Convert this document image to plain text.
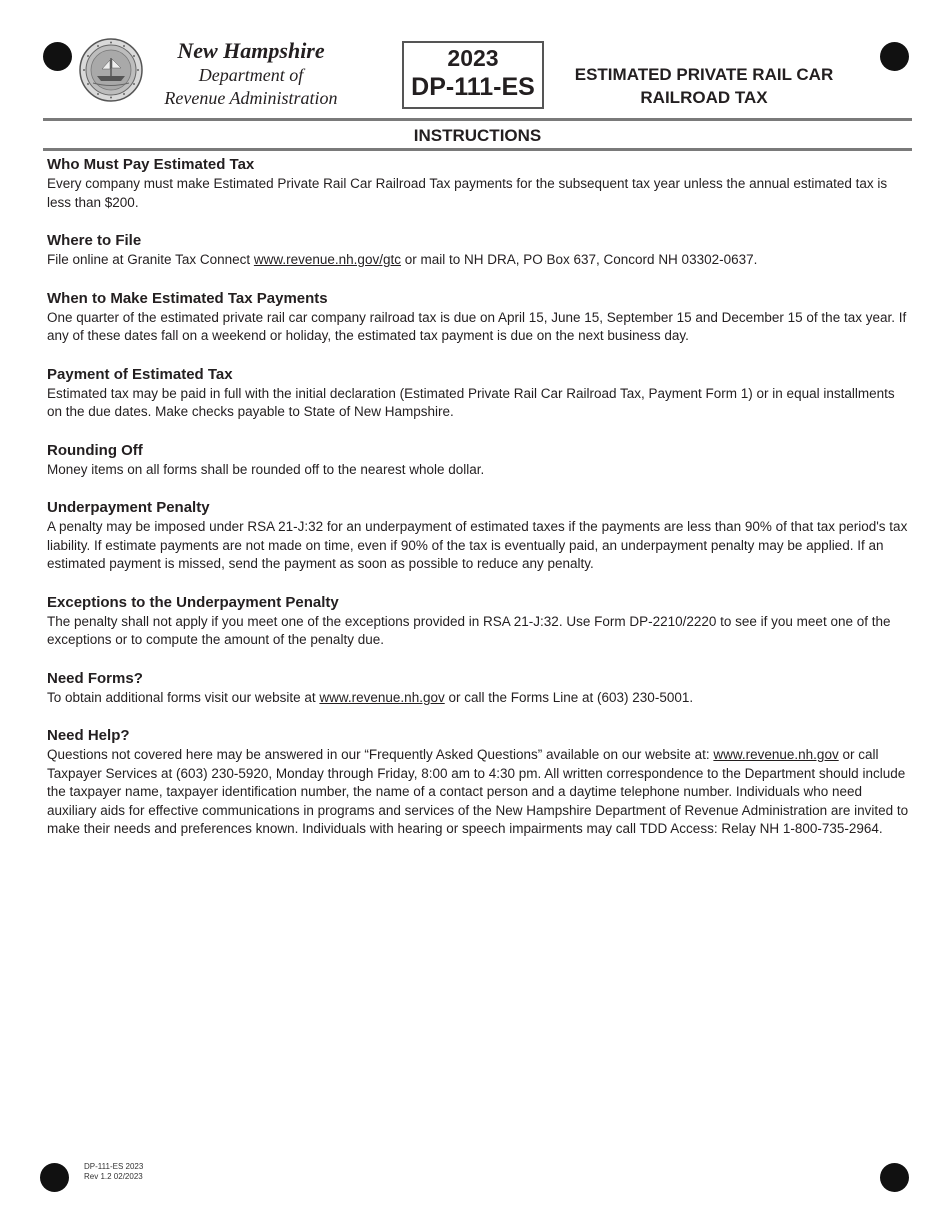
New Hampshire
Department of
Revenue Administration
2023
DP-111-ES	ESTIMATED PRIVATE RAIL CAR
RAILROAD TAX
INSTRUCTIONS
Who Must Pay Estimated Tax

Every company must make Estimated Private Rail Car Railroad Tax payments for the subsequent tax year unless the annual estimated tax is less than $200.

Where to File

File online at Granite Tax Connect www.revenue.nh.gov/gtc or mail to NH DRA, PO Box 637, Concord NH 03302-0637.

When to Make Estimated Tax Payments

One quarter of the estimated private rail car company railroad tax is due on April 15, June 15, September 15 and December 15 of the tax year. If any of these dates fall on a weekend or holiday, the estimated tax payment is due on the next business day.

Payment of Estimated Tax

Estimated tax may be paid in full with the initial declaration (Estimated Private Rail Car Railroad Tax, Payment Form 1) or in equal installments on the due dates. Make checks payable to State of New Hampshire.

Rounding Off

Money items on all forms shall be rounded off to the nearest whole dollar.

Underpayment Penalty

A penalty may be imposed under RSA 21-J:32 for an underpayment of estimated taxes if the payments are less than 90% of that tax period's tax liability. If estimate payments are not made on time, even if 90% of the tax is eventually paid, an underpayment penalty may be applied. If an estimated payment is missed, send the payment as soon as possible to reduce any penalty.

Exceptions to the Underpayment Penalty

The penalty shall not apply if you meet one of the exceptions provided in RSA 21-J:32. Use Form DP-2210/2220 to see if you meet one of the exceptions or to compute the amount of the penalty due.

Need Forms?

To obtain additional forms visit our website at www.revenue.nh.gov or call the Forms Line at (603) 230-5001.

Need Help?

Questions not covered here may be answered in our “Frequently Asked Questions” available on our website at: www.revenue.nh.gov or call Taxpayer Services at (603) 230-5920, Monday through Friday, 8:00 am to 4:30 pm. All written correspondence to the Department should include the taxpayer name, taxpayer identification number, the name of a contact person and a daytime telephone number. Individuals who need auxiliary aids for effective communications in programs and services of the New Hampshire Department of Revenue Administration are invited to make their needs and preferences known. Individuals with hearing or speech impairments may call TDD Access: Relay NH 1-800-735-2964.

DP-111-ES 2023
Rev 1.2 02/2023
